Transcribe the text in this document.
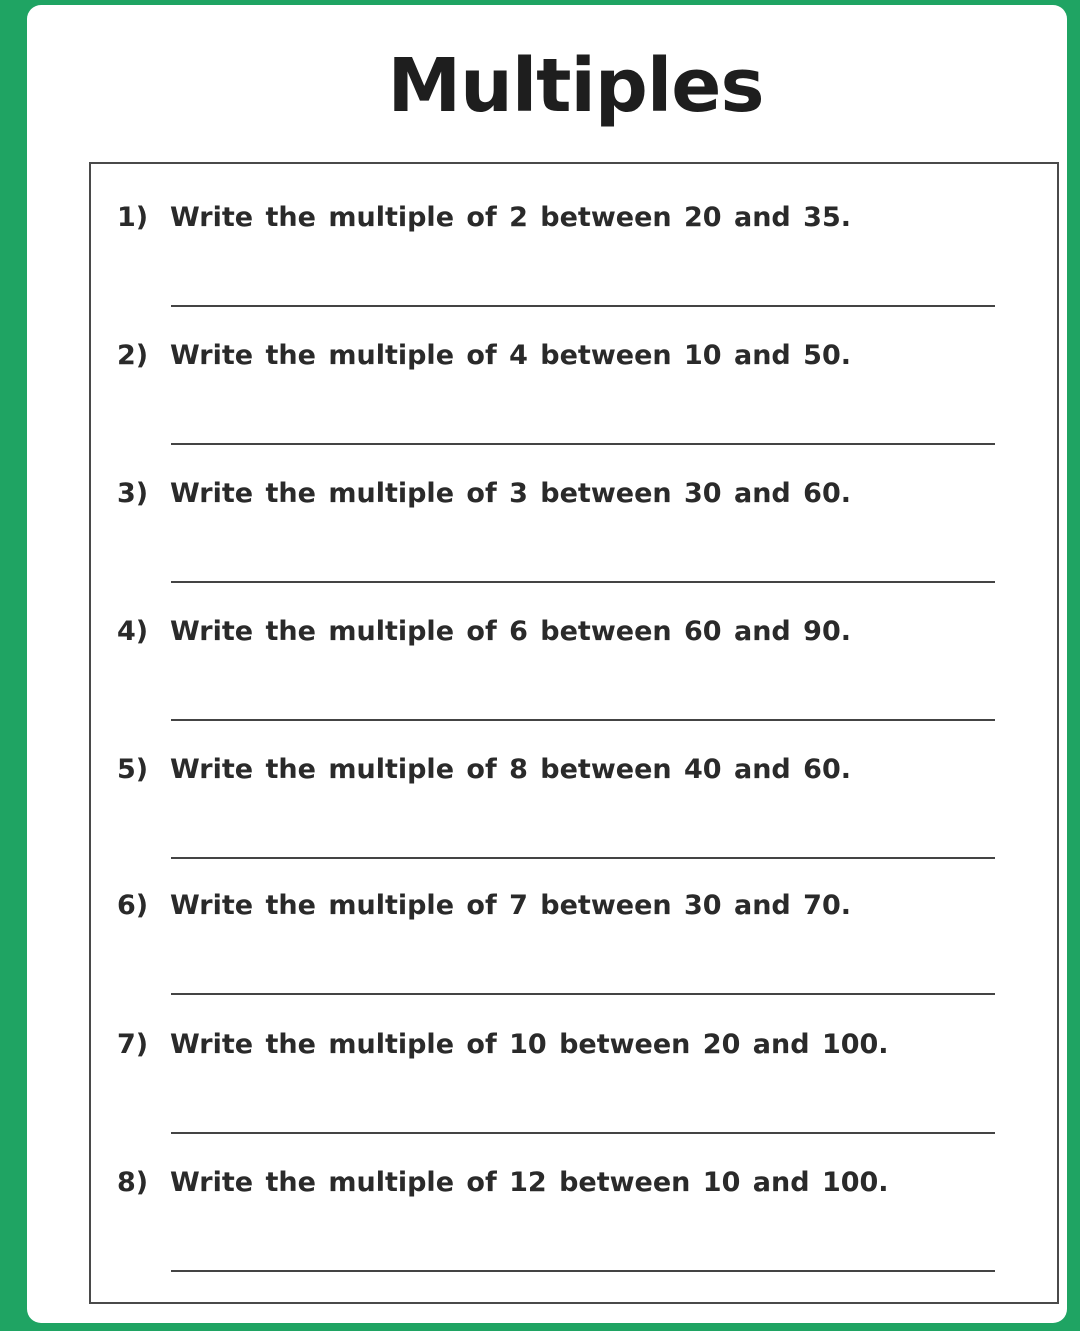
Multiples
1) Write the multiple of 2 between 20 and 35.
2) Write the multiple of 4 between 10 and 50.
3) Write the multiple of 3 between 30 and 60.
4) Write the multiple of 6 between 60 and 90.
5) Write the multiple of 8 between 40 and 60.
6) Write the multiple of 7 between 30 and 70.
7) Write the multiple of 10 between 20 and 100.
8) Write the multiple of 12 between 10 and 100.
